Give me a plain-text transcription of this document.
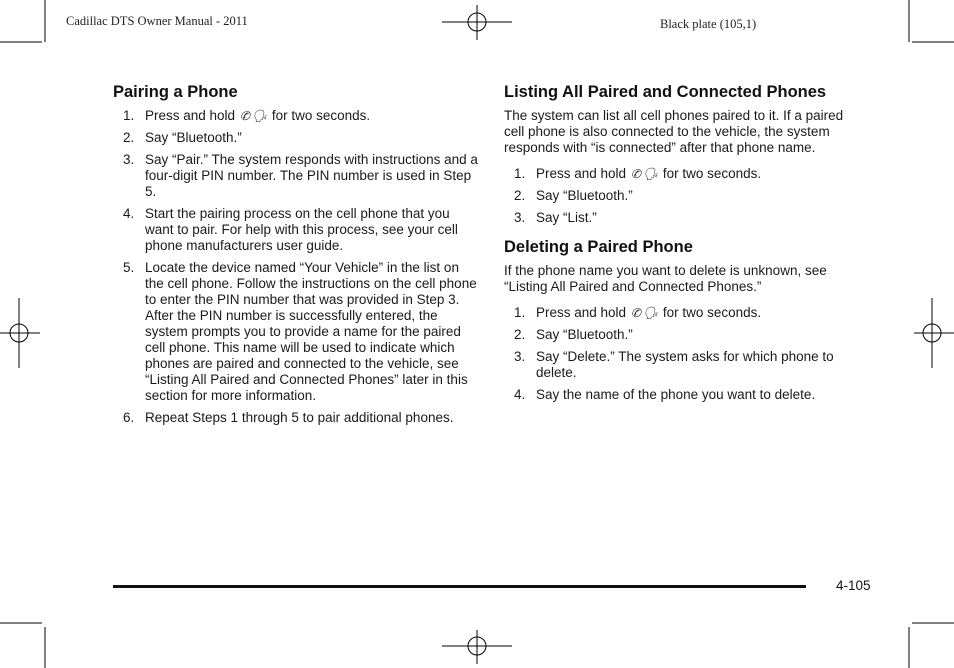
Cadillac DTS Owner Manual - 2011	Black plate (105,1)
Pairing a Phone
1. Press and hold ✆ 🗣︎ for two seconds.
2. Say “Bluetooth.”
3. Say “Pair.” The system responds with instructions and a four-digit PIN number. The PIN number is used in Step 5.
4. Start the pairing process on the cell phone that you want to pair. For help with this process, see your cell phone manufacturers user guide.
5. Locate the device named “Your Vehicle” in the list on the cell phone. Follow the instructions on the cell phone to enter the PIN number that was provided in Step 3. After the PIN number is successfully entered, the system prompts you to provide a name for the paired cell phone. This name will be used to indicate which phones are paired and connected to the vehicle, see “Listing All Paired and Connected Phones” later in this section for more information.
6. Repeat Steps 1 through 5 to pair additional phones.
Listing All Paired and Connected Phones

The system can list all cell phones paired to it. If a paired cell phone is also connected to the vehicle, the system responds with “is connected” after that phone name.

1. Press and hold ✆ 🗣︎ for two seconds.
2. Say “Bluetooth.”
3. Say “List.”
Deleting a Paired Phone

If the phone name you want to delete is unknown, see “Listing All Paired and Connected Phones.”

1. Press and hold ✆ 🗣︎ for two seconds.
2. Say “Bluetooth.”
3. Say “Delete.” The system asks for which phone to delete.
4. Say the name of the phone you want to delete.
4-105
